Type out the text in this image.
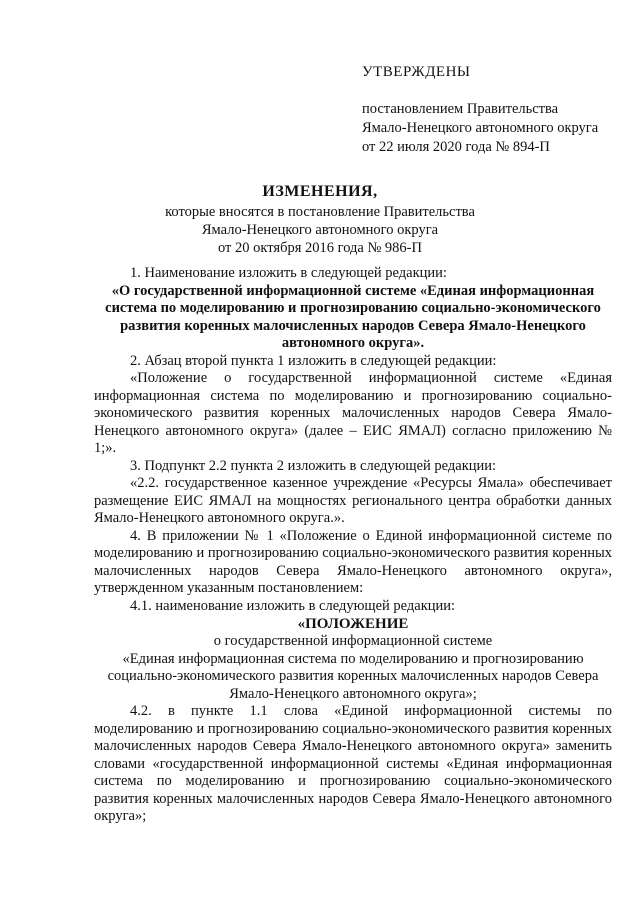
УТВЕРЖДЕНЫ
постановлением Правительства
Ямало-Ненецкого автономного округа
от 22 июля 2020 года № 894-П
ИЗМЕНЕНИЯ,
которые вносятся в постановление Правительства
Ямало-Ненецкого автономного округа
от 20 октября 2016 года № 986-П
1. Наименование изложить в следующей редакции:
«О государственной информационной системе «Единая информационная система по моделированию и прогнозированию социально-экономического развития коренных малочисленных народов Севера Ямало-Ненецкого автономного округа».
2. Абзац второй пункта 1 изложить в следующей редакции:
«Положение о государственной информационной системе «Единая информационная система по моделированию и прогнозированию социально-экономического развития коренных малочисленных народов Севера Ямало-Ненецкого автономного округа» (далее – ЕИС ЯМАЛ) согласно приложению № 1;».
3. Подпункт 2.2 пункта 2 изложить в следующей редакции:
«2.2. государственное казенное учреждение «Ресурсы Ямала» обеспечивает размещение ЕИС ЯМАЛ на мощностях регионального центра обработки данных Ямало-Ненецкого автономного округа.».
4. В приложении № 1 «Положение о Единой информационной системе по моделированию и прогнозированию социально-экономического развития коренных малочисленных народов Севера Ямало-Ненецкого автономного округа», утвержденном указанным постановлением:
4.1. наименование изложить в следующей редакции:
«ПОЛОЖЕНИЕ
о государственной информационной системе
«Единая информационная система по моделированию и прогнозированию
социально-экономического развития коренных малочисленных народов Севера
Ямало-Ненецкого автономного округа»;
4.2. в пункте 1.1 слова «Единой информационной системы по моделированию и прогнозированию социально-экономического развития коренных малочисленных народов Севера Ямало-Ненецкого автономного округа» заменить словами «государственной информационной системы «Единая информационная система по моделированию и прогнозированию социально-экономического развития коренных малочисленных народов Севера Ямало-Ненецкого автономного округа»;
